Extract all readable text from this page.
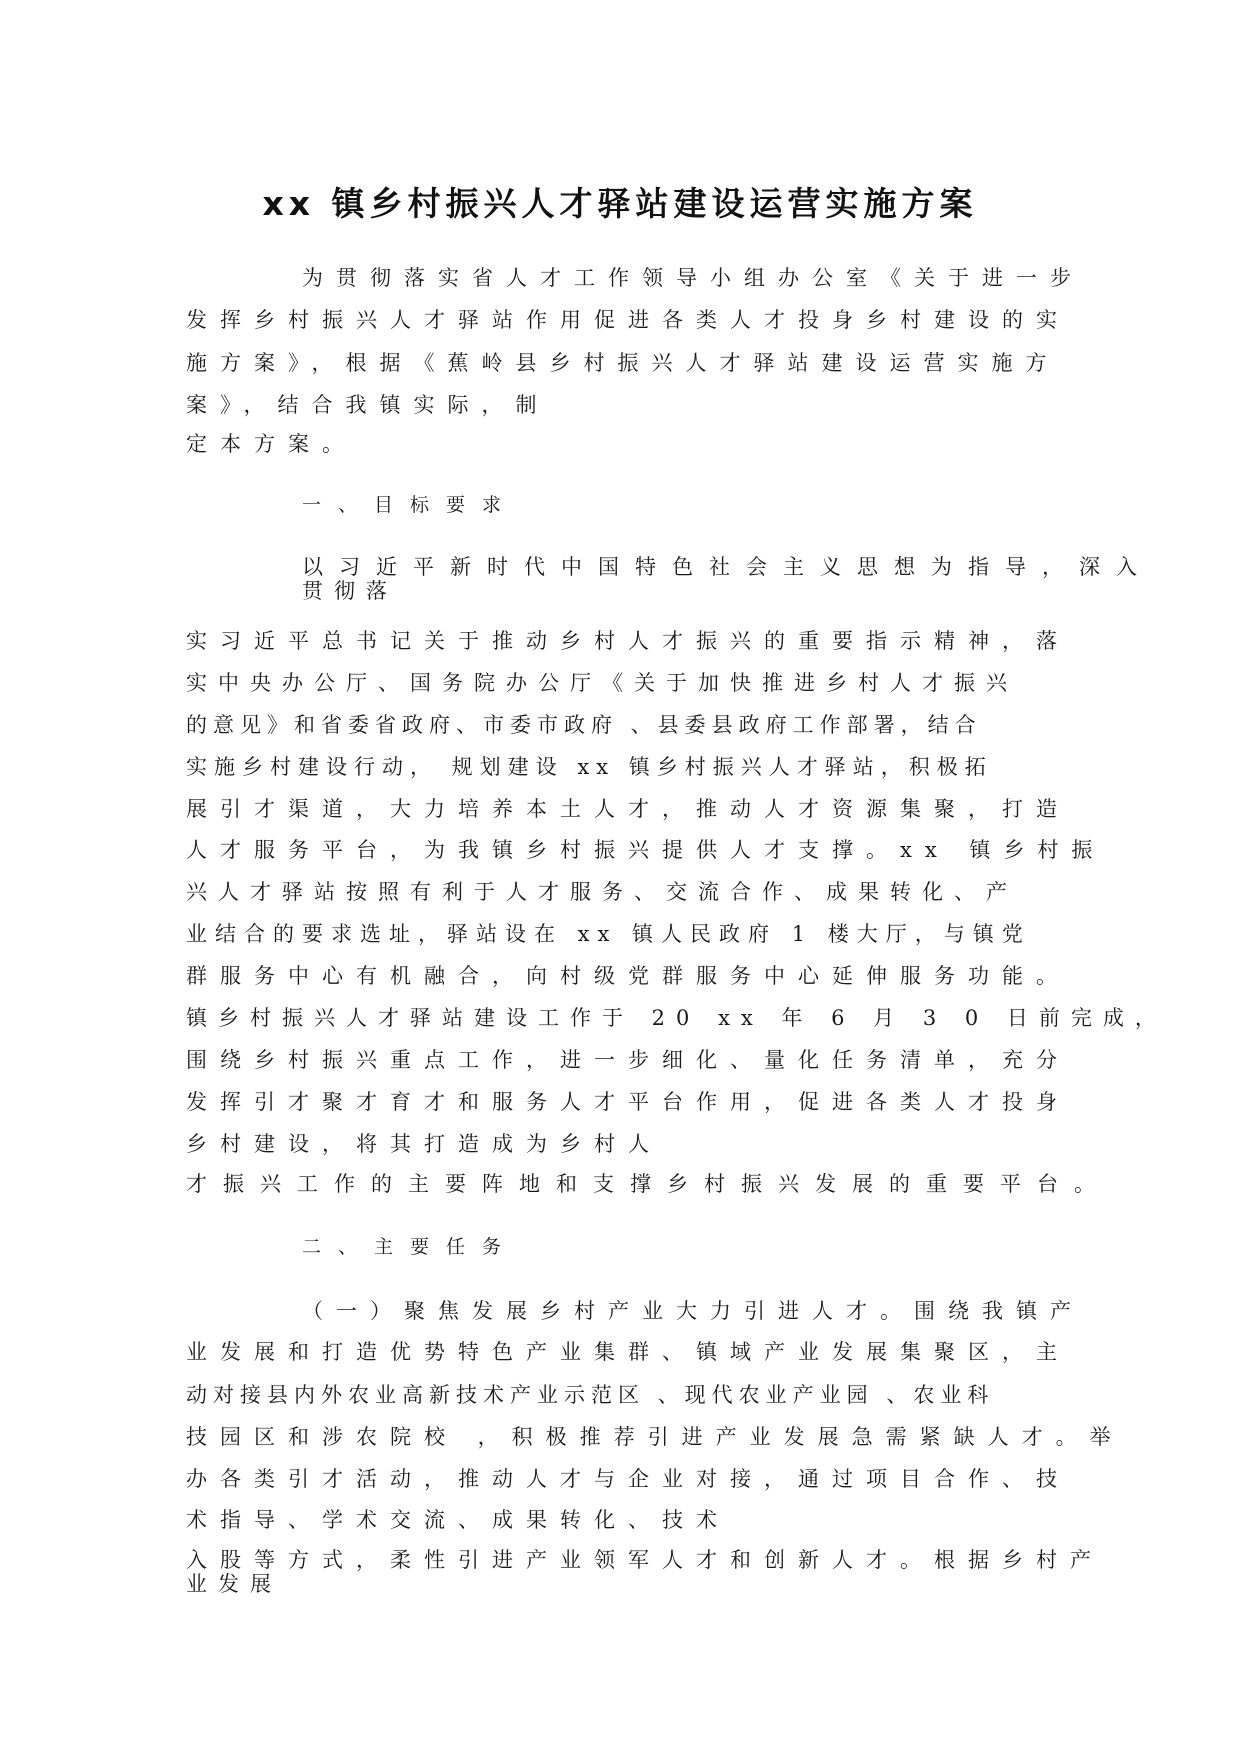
xx 镇乡村振兴人才驿站建设运营实施方案
为贯彻落实省人才工作领导小组办公室《关于进一步
发挥乡村振兴人才驿站作用促进各类人才投身乡村建设的实
施方案》，根据《蕉岭县乡村振兴人才驿站建设运营实施方
案》，结合我镇实际，制
定本方案。
一、目标要求
以习近平新时代中国特色社会主义思想为指导，深入
贯彻落
实习近平总书记关于推动乡村人才振兴的重要指示精神，落
实中央办公厅、国务院办公厅《关于加快推进乡村人才振兴
的意见》和省委省政府、市委市政府 、县委县政府工作部署，结合
实施乡村建设行动， 规划建设 xx 镇乡村振兴人才驿站，积极拓
展引才渠道，大力培养本土人才，推动人才资源集聚，打造
人才服务平台，为我镇乡村振兴提供人才支撑。xx 镇乡村振
兴人才驿站按照有利于人才服务、交流合作、成果转化、产
业结合的要求选址，驿站设在 xx 镇人民政府 1 楼大厅，与镇党
群服务中心有机融合，向村级党群服务中心延伸服务功能。
镇乡村振兴人才驿站建设工作于 20 xx 年 6 月 3 0 日前完成，
围绕乡村振兴重点工作，进一步细化、量化任务清单，充分
发挥引才聚才育才和服务人才平台作用，促进各类人才投身
乡村建设，将其打造成为乡村人
才振兴工作的主要阵地和支撑乡村振兴发展的重要平台。
二、主要任务
（一）聚焦发展乡村产业大力引进人才。围绕我镇产
业发展和打造优势特色产业集群、镇域产业发展集聚区，主
动对接县内外农业高新技术产业示范区 、现代农业产业园 、农业科
技园区和涉农院校 ，积极推荐引进产业发展急需紧缺人才。举
办各类引才活动，推动人才与企业对接，通过项目合作、技
术指导、学术交流、成果转化、技术
入股等方式，柔性引进产业领军人才和创新人才。根据乡村产
业发展
